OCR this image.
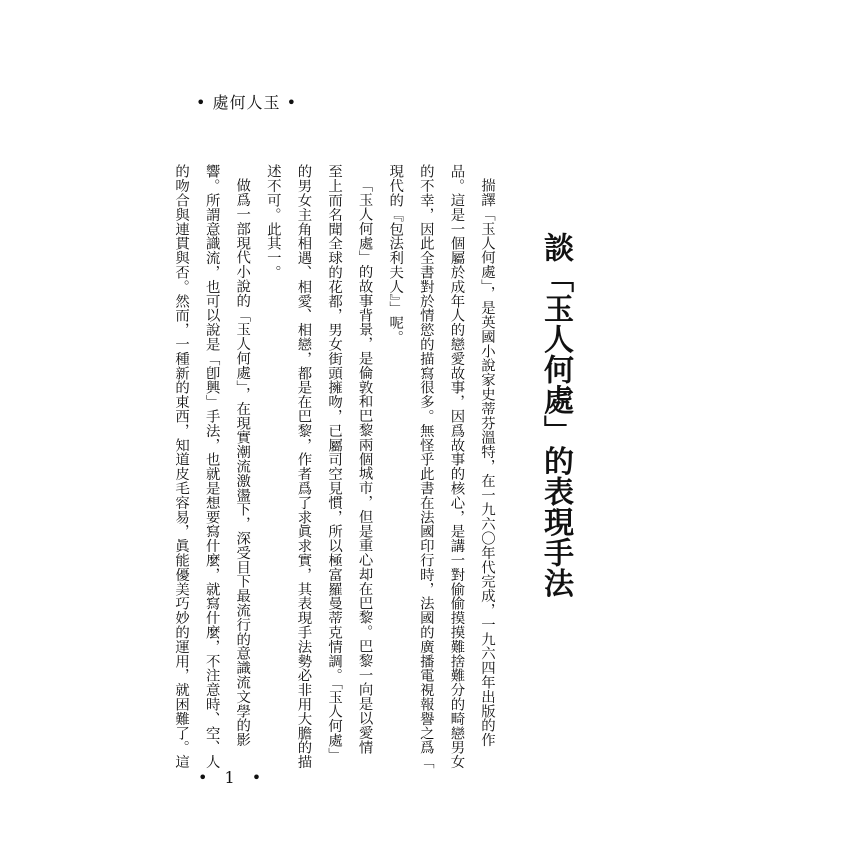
• 處何人玉 •
談「玉人何處」的表現手法
揣譯「玉人何處」，是英國小說家史蒂芬溫特，在一九六〇年代完成，一九六四年出版的作
品。這是一個屬於成年人的戀愛故事，因爲故事的核心，是講一對偷偷摸摸難捨難分的畸戀男女
的不幸，因此全書對於情慾的描寫很多。無怪乎此書在法國印行時，法國的廣播電視報譽之爲「
現代的『包法利夫人』」呢。
「玉人何處」的故事背景，是倫敦和巴黎兩個城市，但是重心却在巴黎。巴黎一向是以愛情
至上而名聞全球的花都，男女街頭擁吻，已屬司空見慣，所以極富羅曼蒂克情調。「玉人何處」
的男女主角相遇、相愛、相戀，都是在巴黎，作者爲了求眞求實，其表現手法勢必非用大膽的描
述不可。此其一。
做爲一部現代小說的「玉人何處」，在現實潮流激盪下，深受目下最流行的意識流文學的影
響。所謂意識流，也可以說是「卽興」手法，也就是想要寫什麼，就寫什麼，不注意時、空、人
的吻合與連貫與否。然而，一種新的東西，知道皮毛容易，眞能優美巧妙的運用，就困難了。這
• 1 •
